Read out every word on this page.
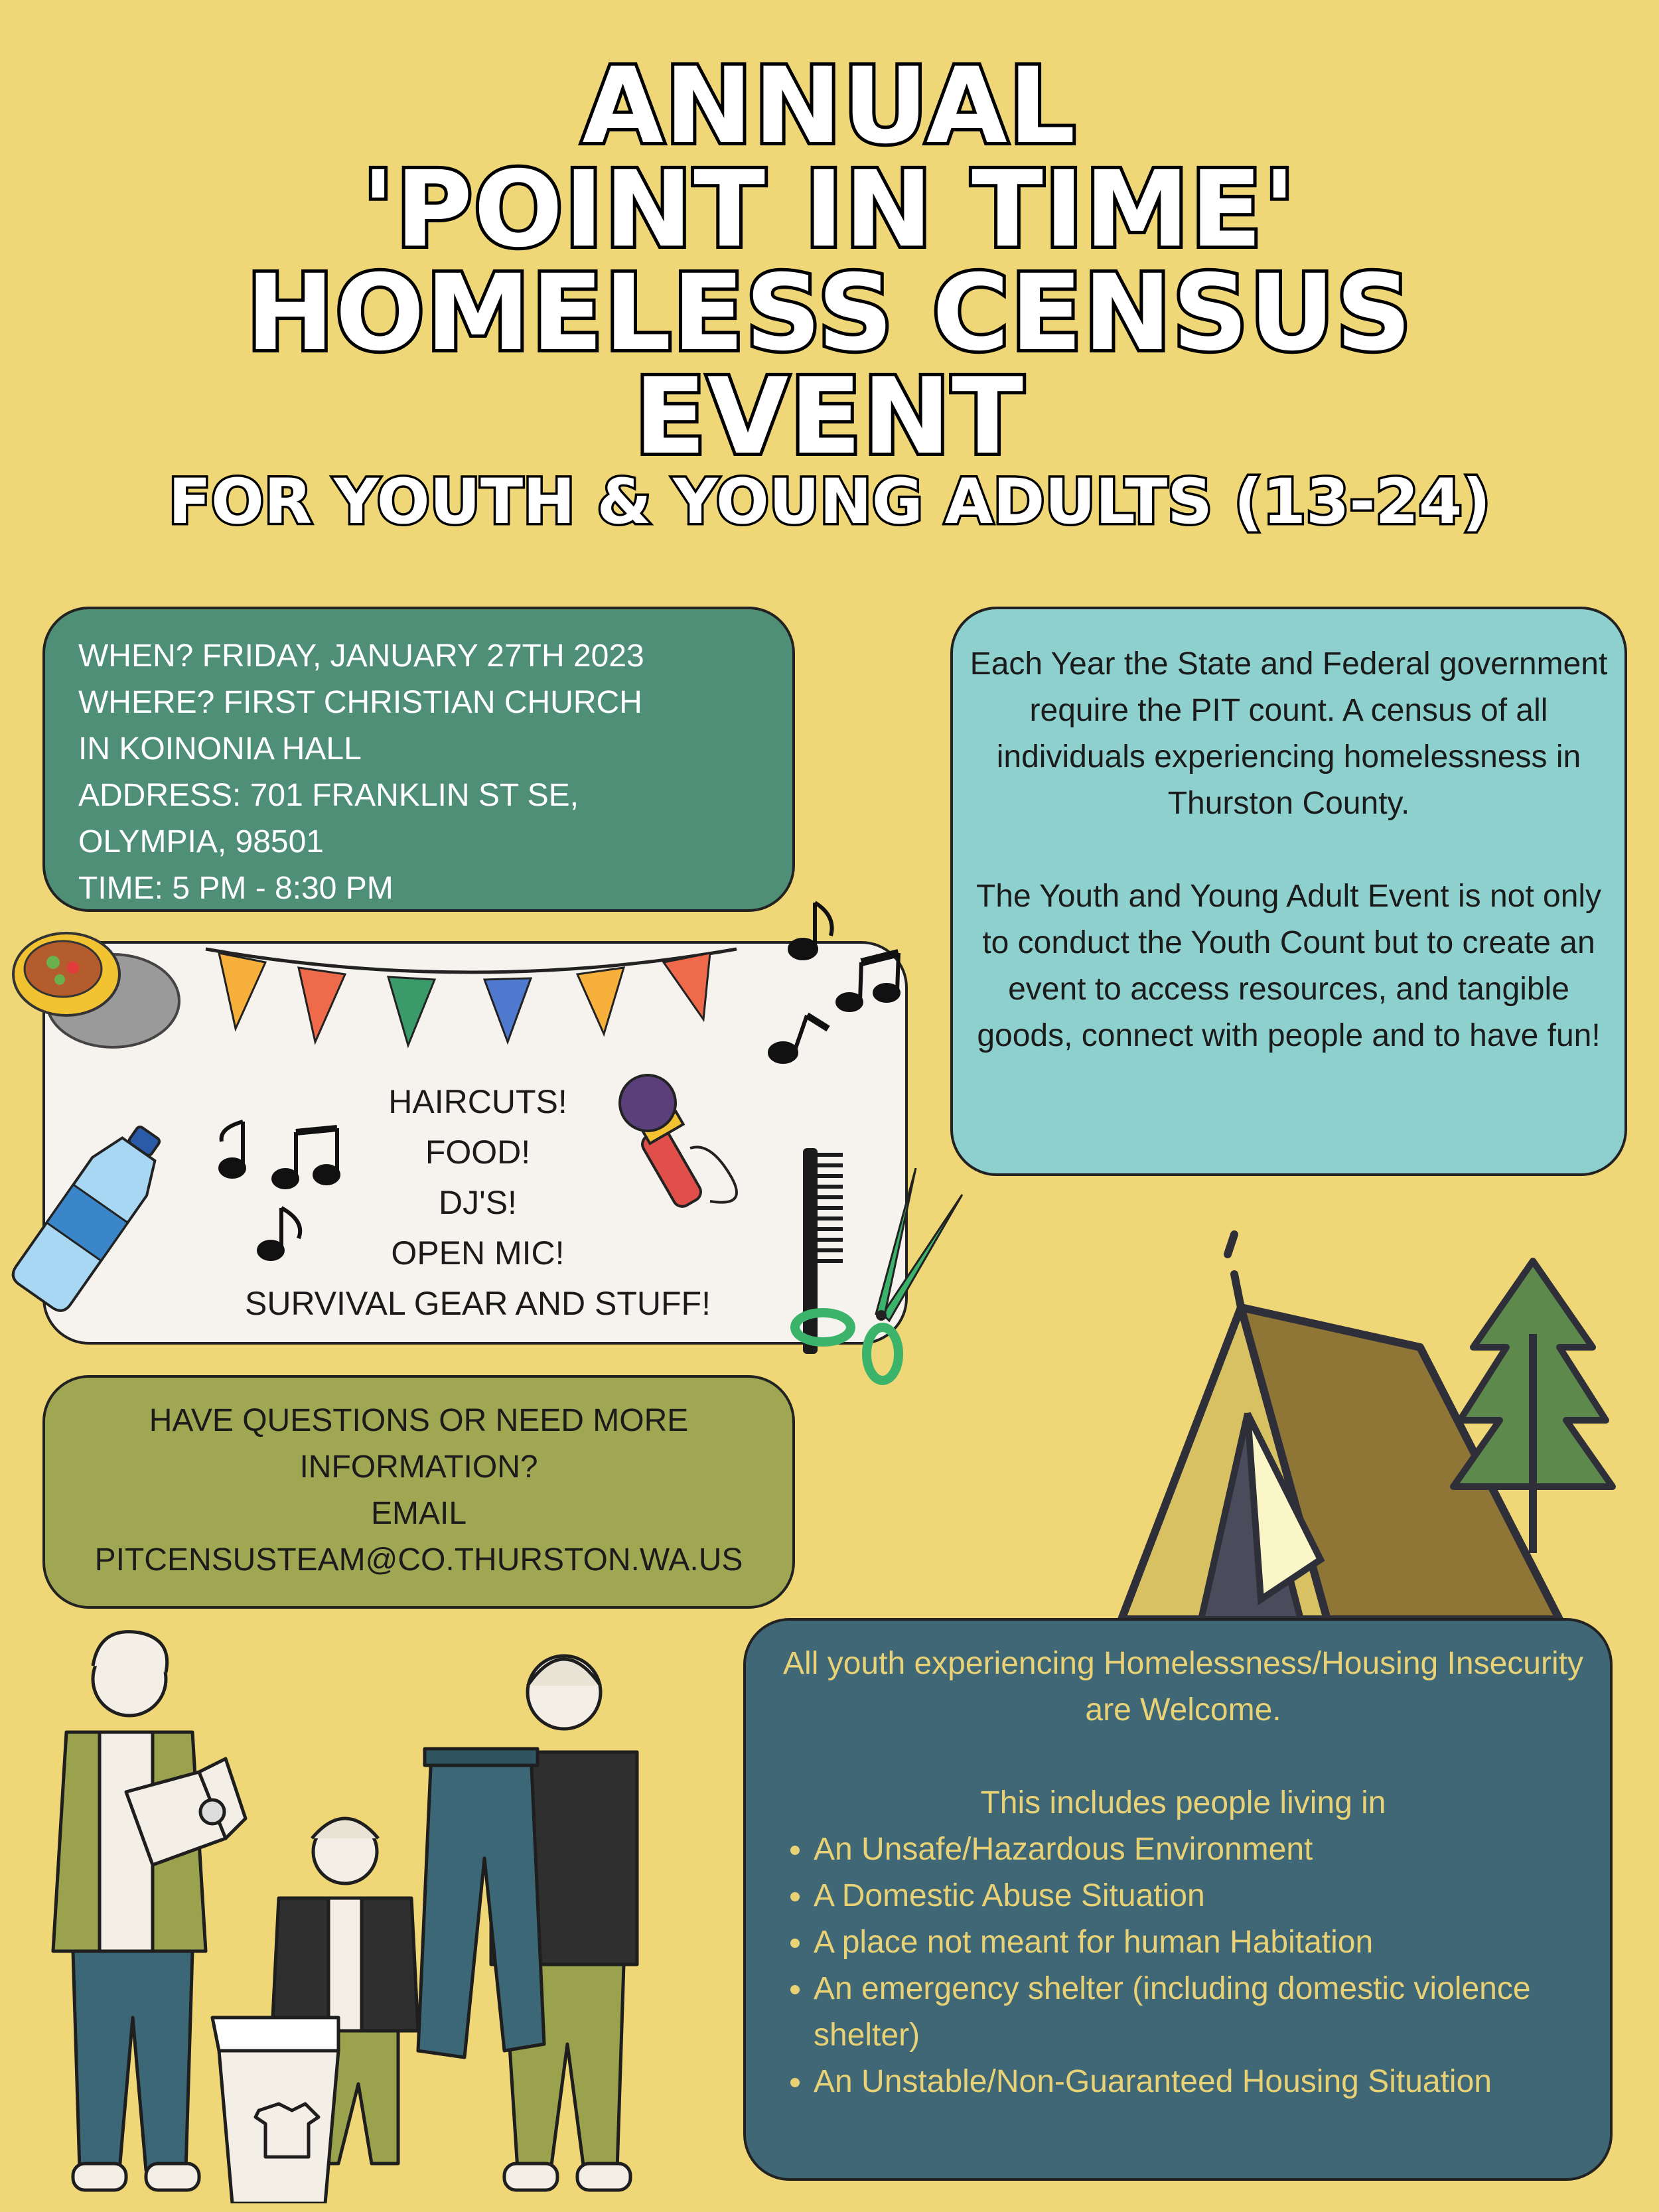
ANNUAL
'POINT IN TIME'
HOMELESS CENSUS
EVENT
FOR YOUTH & YOUNG ADULTS (13-24)
WHEN? FRIDAY, JANUARY 27TH 2023
WHERE? FIRST CHRISTIAN CHURCH
IN KOINONIA HALL
ADDRESS: 701 FRANKLIN ST SE,
OLYMPIA, 98501
TIME: 5 PM - 8:30 PM

Each Year the State and Federal government require the PIT count. A census of all individuals experiencing homelessness in Thurston County.

The Youth and Young Adult Event is not only to conduct the Youth Count but to create an event to access resources, and tangible goods, connect with people and to have fun!

HAIRCUTS!
FOOD!
DJ'S!
OPEN MIC!
SURVIVAL GEAR AND STUFF!
HAVE QUESTIONS OR NEED MORE INFORMATION?
EMAIL
PITCENSUSTEAM@CO.THURSTON.WA.US
All youth experiencing Homelessness/Housing Insecurity are Welcome.
This includes people living in
• An Unsafe/Hazardous Environment
• A Domestic Abuse Situation
• A place not meant for human Habitation
• An emergency shelter (including domestic violence shelter)
• An Unstable/Non-Guaranteed Housing Situation
